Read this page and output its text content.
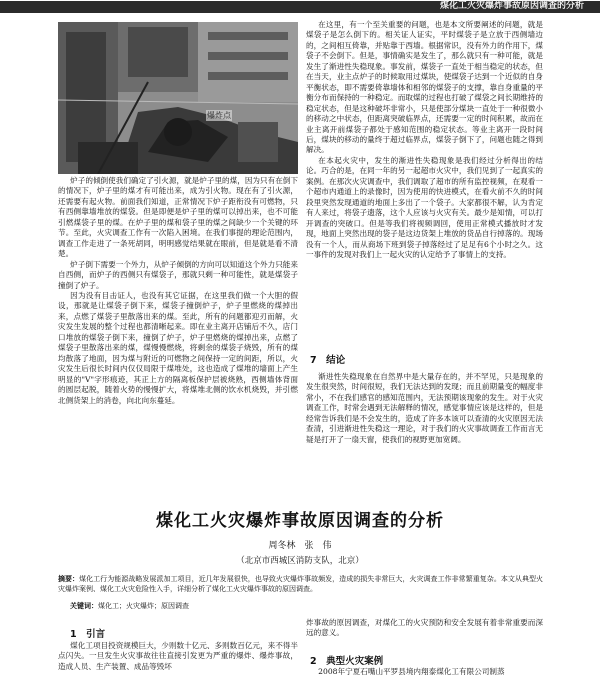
煤化工火灾爆炸事故原因调查的分析
爆炸点

炉子的倾倒使我们确定了引火源，就是炉子里的煤，因为只有在倒下的情况下，炉子里的煤才有可能出来，成为引火物。现在有了引火源，还需要有起火物。前面我们知道，正常情况下炉子距衔没有可燃物，只有西侧靠墙堆放的煤袋。但是即便是炉子里的煤可以掉出来，也不可能引燃煤袋子里的煤。在炉子里的煤和袋子里的煤之间缺少一个关键的环节。至此，火灾调查工作有一次陷入困境。在我们事提的理论范围内，调查工作走进了一条死胡同，明明感觉结果就在眼前，但是就是看不清楚。

炉子倒下需要一个外力，从炉子倾倒的方向可以知道这个外力只能来自西侧，而炉子的西侧只有煤袋子，那就只剩一种可能性，就是煤袋子撞倒了炉子。

因为没有目击证人，也没有其它证据，在这里我们做一个大胆的假设，那就是让煤袋子倒下来，煤袋子撞倒炉子，炉子里燃烧的煤掉出来，点燃了煤袋子里散落出来的煤。至此，所有的问题都迎刃而解，火灾发生发展的整个过程也都清晰起来。即在业主离开店铺后不久，店门口堆放的煤袋子倒下来，撞倒了炉子，炉子里燃烧的煤掉出来，点燃了煤袋子里散落出来的煤，煤慢慢燃烧，将剩余的煤袋子烧毁，所有的煤均散落了地面，因为煤与附近的可燃物之间保持一定的间距，所以，火灾发生后很长时间内仅仅局限于煤堆处，这也造成了煤堆的墙面上产生明显的"V"字形痕迹，其正上方的隔离板保护层被烧熟，西侧墙体背面的圆层起脱，随着火势的慢慢扩大，将煤堆北侧的饮水机烧毁，并引燃北侧货架上的消卷，向北向东蔓延。

在这里，有一个至关重要的问题，也是本文所要阐述的问题，就是煤袋子是怎么倒下的。相关证人证实，平时煤袋子是立放于西侧墙边的，之间相互倚靠，并贴靠于西墙。根据常识，没有外力的作用下，煤袋子不会倒下。但是，事情确实是发生了，那么就只有一种可能，就是发生了渐进性失稳现象。事发前，煤袋子一直处于相当稳定的状态，但在当天，业主点炉子的时候取用过煤块，使煤袋子达到一个近似的自身平衡状态，即不需要倚靠墙体和相邻的煤袋子的支撑，靠自身重量的平衡分布而保持的一种稳定。而取煤的过程也打破了煤袋之间长期维持的稳定状态，但是这种破坏非常小，只是使部分煤块一直处于一种很微小的移动之中状态，但距离突破临界点，还需要一定的时间积累，故而在业主离开前煤袋子都处于感知范围的稳定状态。等业主离开一段时间后，煤块的移动的量终于超过临界点，煤袋子倒下了，问题也随之得到解决。

在本起火灾中，发生的渐进性失稳现象是我们经过分析得出的结论。巧合的是，在同一年的另一起超市火灾中，我们见到了一起真实的案例。在那次火灾调查中，我们调取了超市的所有监控视频，在观看一个超市内通道上的录像时，因为使用的快进模式，在看火前不久的时间段里突然发现通道的地面上多出了一个袋子。大家都很不解，认为肯定有人来过，将袋子遗落，这个人应该与火灾有关。最少是知情，可以打开调查的突破口。但是等我们将视频调回，使用正常模式播放时才发现，地面上突然出现的袋子是这边货架上堆放的货品自行掉落的。现场没有一个人，而从商场下班到袋子掉落经过了足足有6个小时之久。这一事件的发现对我们上一起火灾的认定给予了事情上的支持。

7　结论

渐进性失稳现象在自然界中是大量存在的，并不罕见，只是现象的发生很突然，时间很短，我们无法达到的发现；而且前期量变的幅度非常小，不在我们感官的感知范围内，无法预期该现象的发生。对于火灾调查工作，时常会遇到无法解释的情况，感觉事情应该是这样的，但是经常告诉我们是不会发生的，造成了许多本该可以查清的火灾原因无法查清，引进渐进性失稳这一理论，对于我们的火灾事故调查工作而言无疑是打开了一扇天窗，使我们的视野更加宽阔。

煤化工火灾爆炸事故原因调查的分析
周冬林　张　伟
（北京市西城区消防支队，北京）
摘要：煤化工行为能源战略发展派加工项目，近几年发展很快，也导致火灾爆炸事故频发，造成的损失非常巨大，火灾调查工作非常繁重复杂。本文从典型火灾爆炸案例、煤化工火灾危险性入手，详细分析了煤化工火灾爆炸事故的原因调查。
关键词：煤化工；火灾爆炸；原因调查
1　引言

煤化工项目投资规模巨大，少则数十亿元、多则数百亿元，来不得半点闪失。一旦发生火灾事故往往直接引发更为严重的爆炸、爆炸事故，造成人员、生产装置、成品等毁坏

炸事故的原因调查，对煤化工的火灾预防和安全发展有着非常重要而深远的意义。

2　典型火灾案例

2008年宁夏石嘴山平罗县境内翔泰煤化工有限公司制蒸
